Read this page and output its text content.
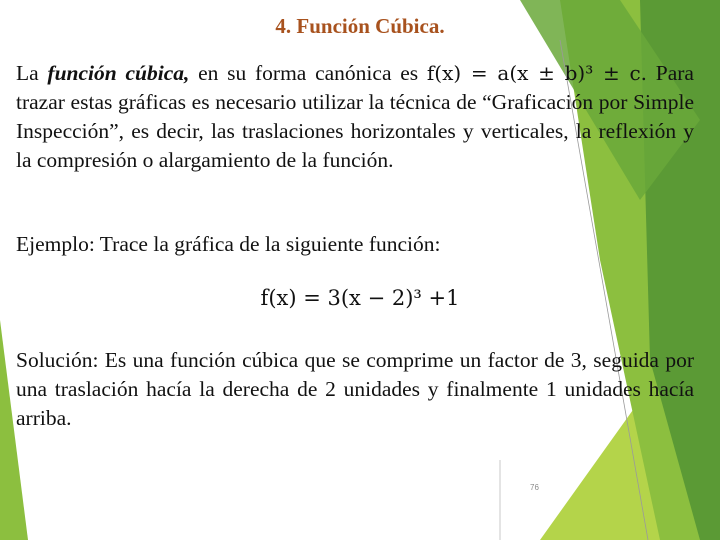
4. Función Cúbica.
La función cúbica, en su forma canónica es f(x) = a(x ± b)³ ± c. Para trazar estas gráficas es necesario utilizar la técnica de “Graficación por Simple Inspección”, es decir, las traslaciones horizontales y verticales, la reflexión y la compresión o alargamiento de la función.
Ejemplo: Trace la gráfica de la siguiente función:
f(x) = 3(x − 2)³ +1
Solución: Es una función cúbica que se comprime un factor de 3, seguida por una traslación hacía la derecha de 2 unidades y finalmente 1 unidades hacía arriba.
76
